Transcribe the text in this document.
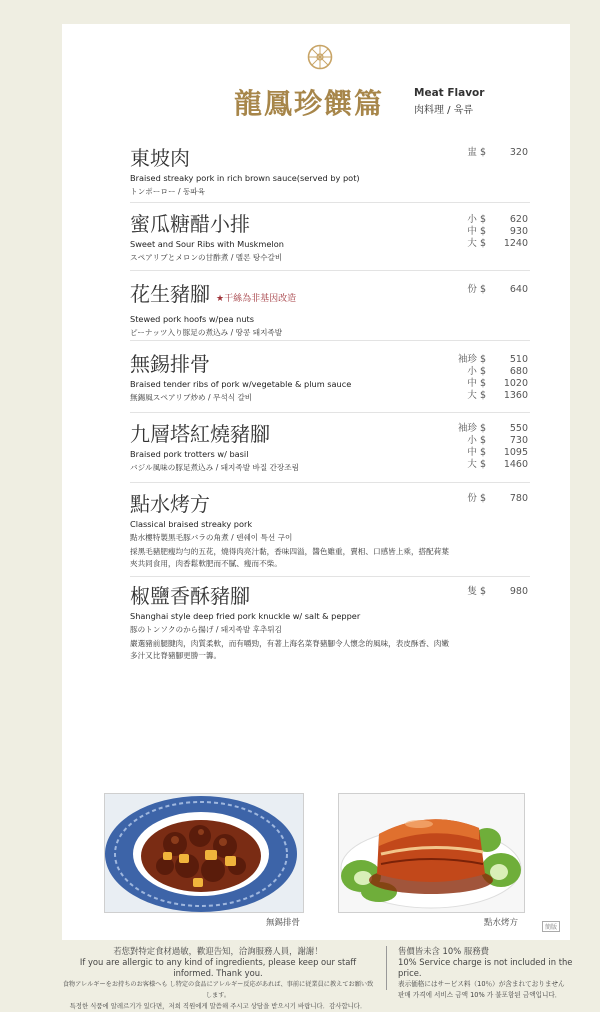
龍鳳珍饌篇	Meat Flavor
肉料理 / 육류
東坡肉
Braised streaky pork in rich brown sauce(served by pot)
トンポーロー / 동파육
盅 $	320
蜜瓜糖醋小排
Sweet and Sour Ribs with Muskmelon
スペアリブとメロンの甘酢煮 / 멜론 탕수갈비
小 $	620
中 $	930
大 $	1240
花生豬腳 ★干絲為非基因改造
Stewed pork hoofs w/pea nuts
ピーナッツ入り豚足の煮込み / 땅콩 돼지족발
份 $	640
無錫排骨
Braised tender ribs of pork w/vegetable & plum sauce
無錫風スペアリブ炒め / 무석식 갈비
袖珍 $	510
小 $	680
中 $	1020
大 $	1360
九層塔紅燒豬腳
Braised pork trotters w/ basil
バジル風味の豚足煮込み / 돼지족발 바질 간장조림
袖珍 $	550
小 $	730
中 $	1095
大 $	1460
點水烤方
Classical braised streaky pork
點水樓特製黒毛豚バラの角煮 / 덴쉐이 특선 구이
採黑毛豬肥瘦均勻的五花，燒得肉亮汁黏，香味四溢，醬色雖重，賣相、口感皆上乘，搭配荷葉夾共同食用，肉香鬆軟肥而不膩、瘦而不柴。
份 $	780
椒鹽香酥豬腳
Shanghai style deep fried pork knuckle w/ salt & pepper
豚のトンソクのから揚げ / 돼지족발 후추튀김
嚴選豬前腿腱肉，肉質柔軟，而有嚼勁，有著上海名菜脊豬腳令人懷念的風味，表皮酥香、肉嫩多汁又比脊豬腳更勝一籌。
隻 $	980
無錫排骨	點水烤方	簡版
若您對特定食材過敏，歡迎告知，洽詢服務人員，謝謝！
If you are allergic to any kind of ingredients, please keep our staff informed. Thank you.
食物アレルギーをお持ちのお客様へも し特定の食品にアレルギー反応があれば、事前に従業員に教えてお願い致します。
특정한 식품에 알레르기가 있다면，저희 직원에게 말씀해 주시고 상담을 받으시기 바랍니다．감사합니다．
售價皆未含 10% 服務費
10% Service charge is not included in the price.
表示価格にはサービス料（10％）が含まれておりません
판매 가격에 서비스 금액 10% 가 불포함된 금액입니다．
